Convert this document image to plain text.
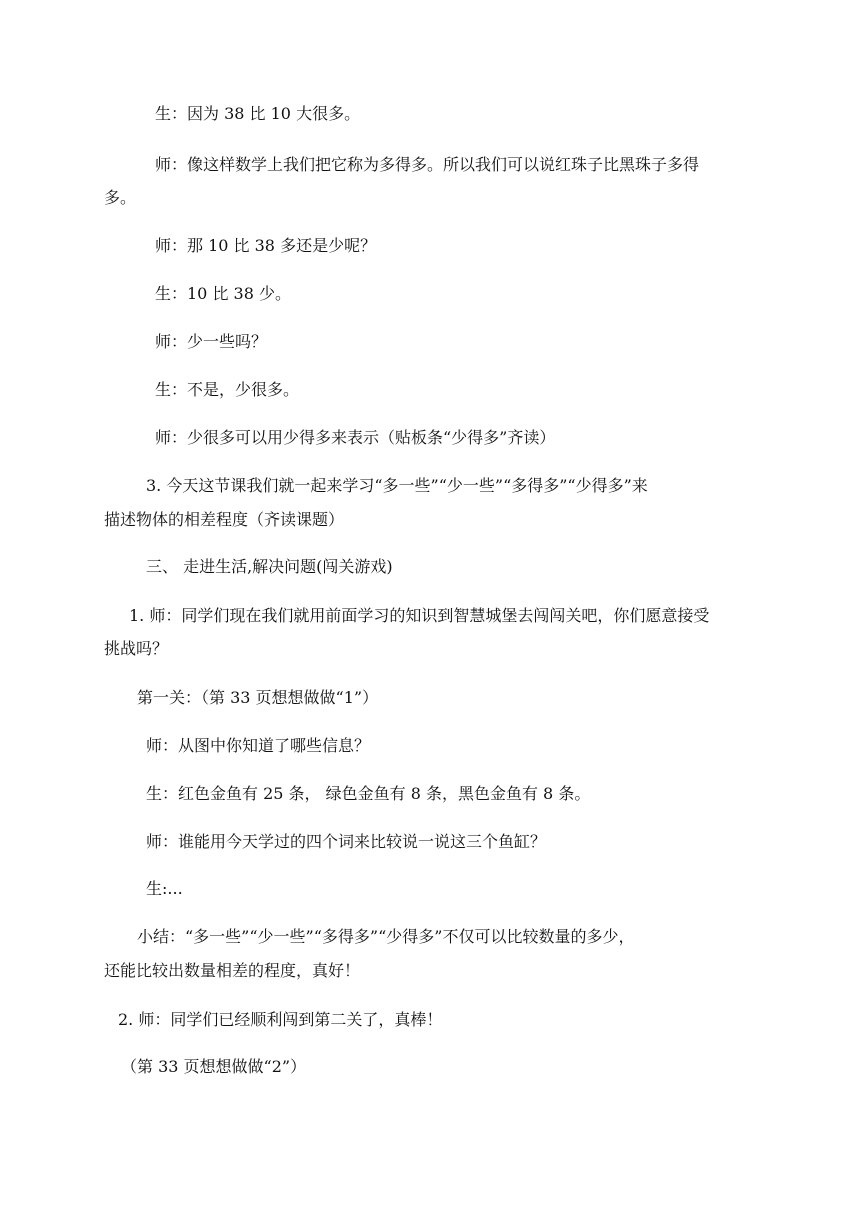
生：因为 38 比 10 大很多。
师：像这样数学上我们把它称为多得多。所以我们可以说红珠子比黑珠子多得
多。
师：那 10 比 38 多还是少呢？
生：10 比 38 少。
师：少一些吗？
生：不是，少很多。
师：少很多可以用少得多来表示（贴板条“少得多”齐读）
3. 今天这节课我们就一起来学习“多一些”“少一些”“多得多”“少得多”来
描述物体的相差程度（齐读课题）
三、 走进生活,解决问题(闯关游戏)
1. 师：同学们现在我们就用前面学习的知识到智慧城堡去闯闯关吧，你们愿意接受
挑战吗？
第一关：（第 33 页想想做做“1”）
师：从图中你知道了哪些信息？
生：红色金鱼有 25 条， 绿色金鱼有 8 条，黑色金鱼有 8 条。
师：谁能用今天学过的四个词来比较说一说这三个鱼缸？
生:...
小结：“多一些”“少一些”“多得多”“少得多”不仅可以比较数量的多少，
还能比较出数量相差的程度，真好！
2. 师：同学们已经顺利闯到第二关了，真棒！
（第 33 页想想做做“2”）
